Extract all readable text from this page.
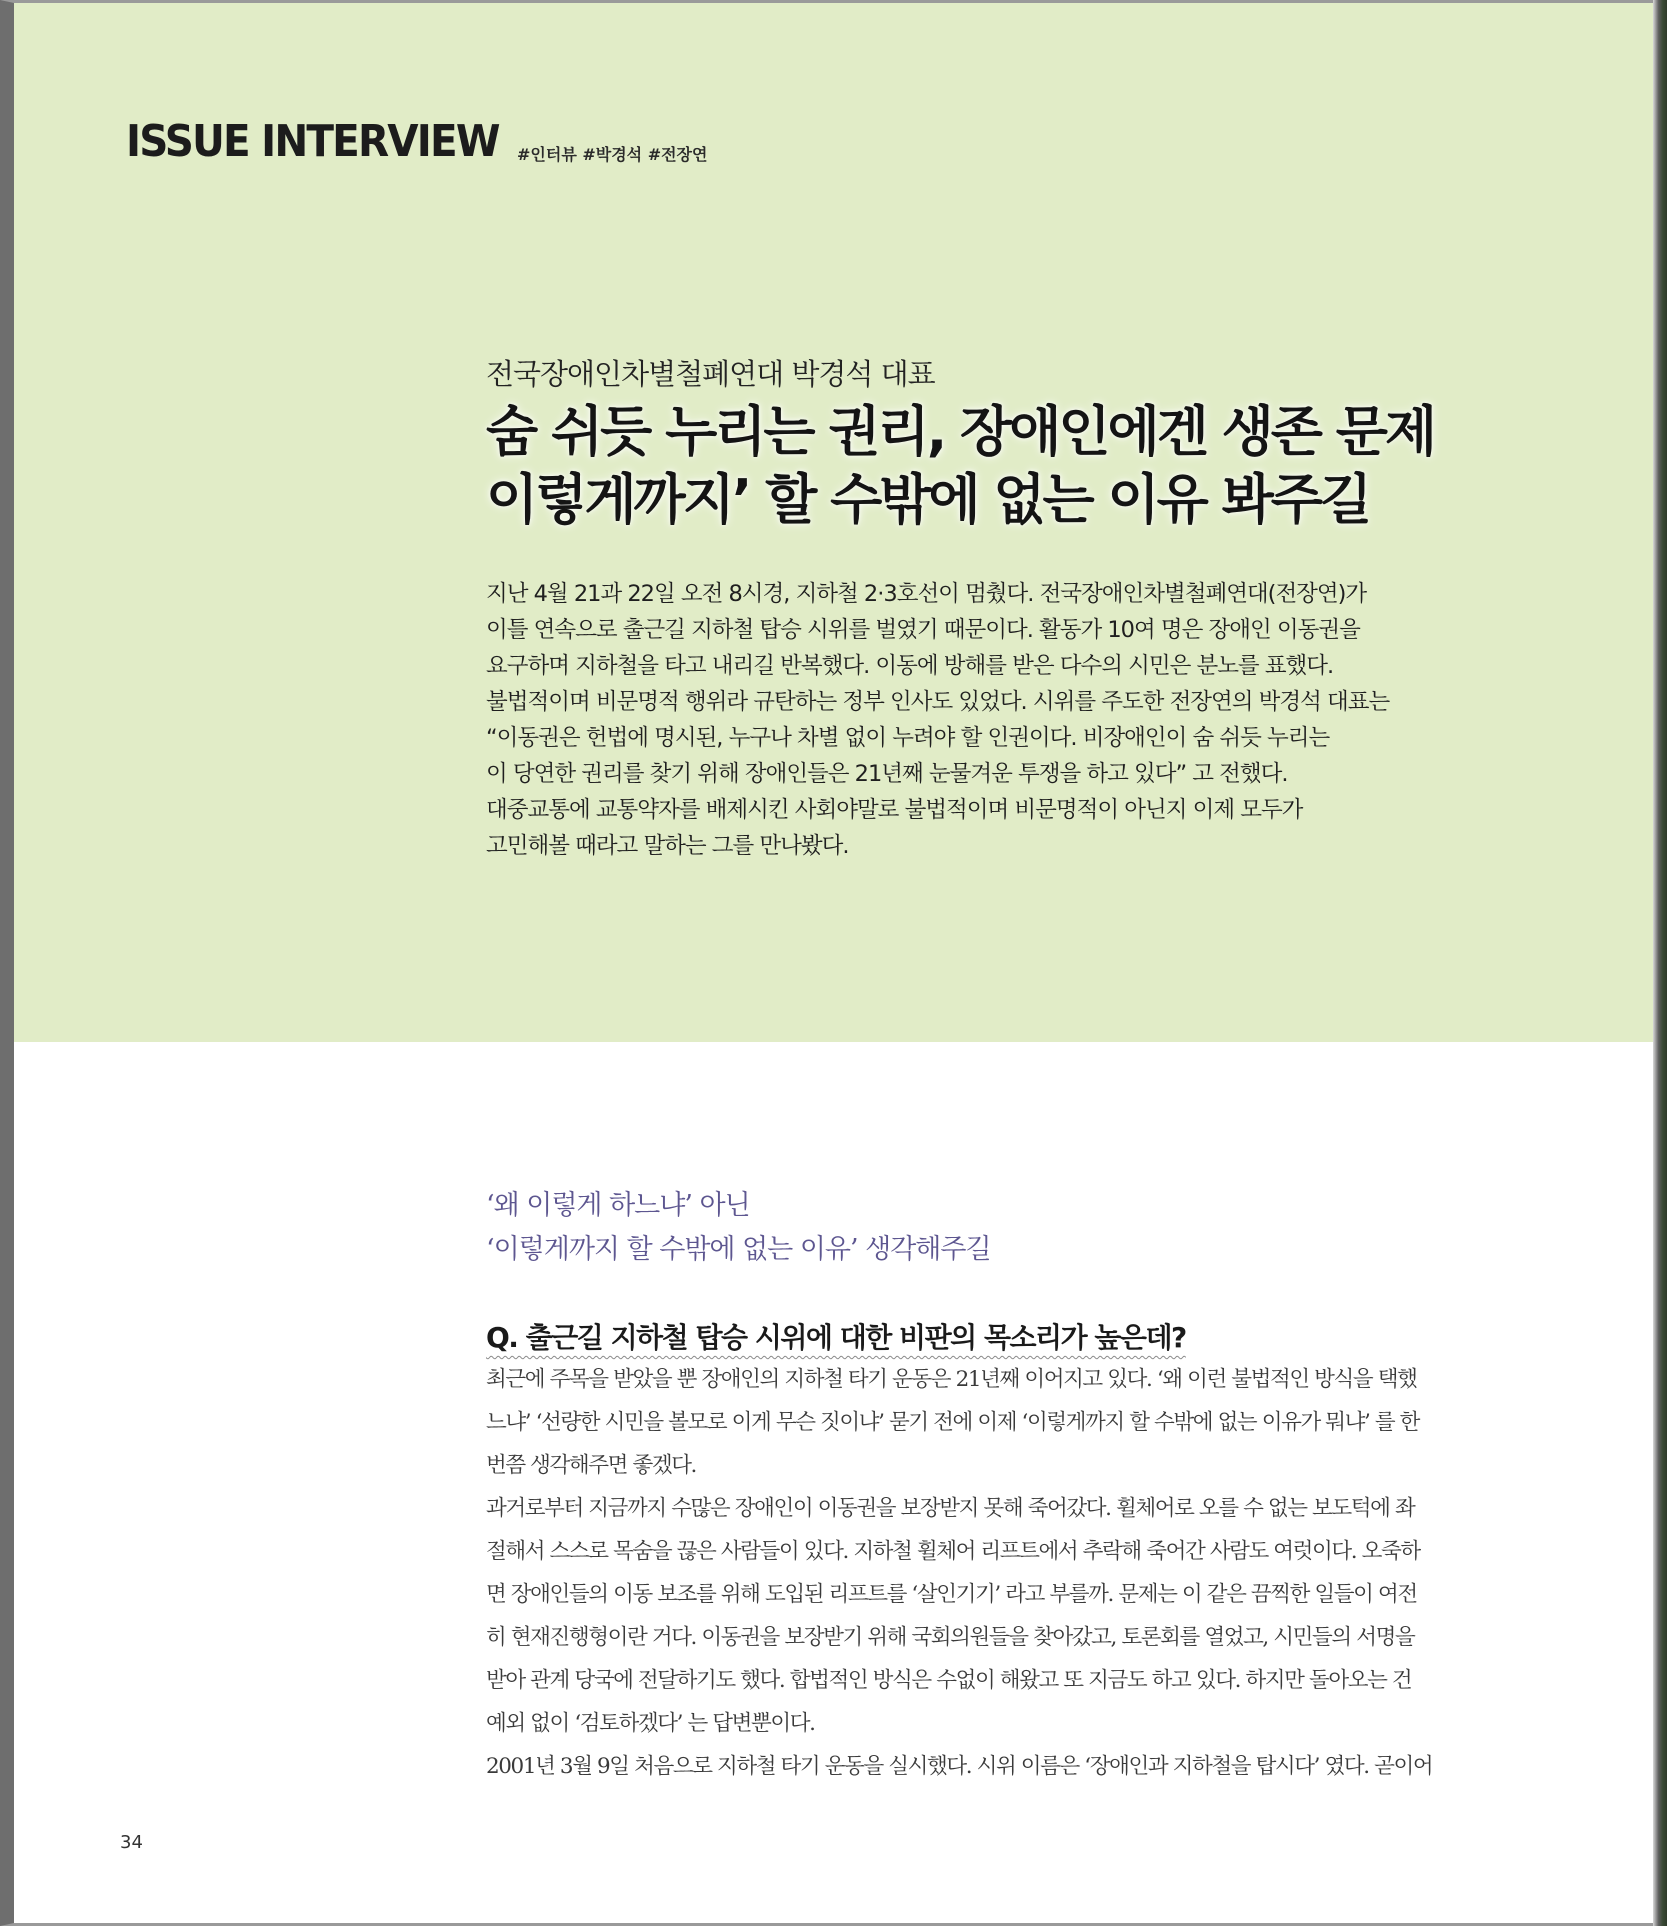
ISSUE INTERVIEW #인터뷰 #박경석 #전장연
전국장애인차별철폐연대 박경석 대표
숨 쉬듯 누리는 권리, 장애인에겐 생존 문제
이렇게까지’ 할 수밖에 없는 이유 봐주길
지난 4월 21과 22일 오전 8시경, 지하철 2·3호선이 멈췄다. 전국장애인차별철폐연대(전장연)가
이틀 연속으로 출근길 지하철 탑승 시위를 벌였기 때문이다. 활동가 10여 명은 장애인 이동권을
요구하며 지하철을 타고 내리길 반복했다. 이동에 방해를 받은 다수의 시민은 분노를 표했다.
불법적이며 비문명적 행위라 규탄하는 정부 인사도 있었다. 시위를 주도한 전장연의 박경석 대표는
“이동권은 헌법에 명시된, 누구나 차별 없이 누려야 할 인권이다. 비장애인이 숨 쉬듯 누리는
이 당연한 권리를 찾기 위해 장애인들은 21년째 눈물겨운 투쟁을 하고 있다” 고 전했다.
대중교통에 교통약자를 배제시킨 사회야말로 불법적이며 비문명적이 아닌지 이제 모두가
고민해볼 때라고 말하는 그를 만나봤다.
‘왜 이렇게 하느냐’ 아닌
‘이렇게까지 할 수밖에 없는 이유’ 생각해주길
Q. 출근길 지하철 탑승 시위에 대한 비판의 목소리가 높은데?
최근에 주목을 받았을 뿐 장애인의 지하철 타기 운동은 21년째 이어지고 있다. ‘왜 이런 불법적인 방식을 택했
느냐’ ‘선량한 시민을 볼모로 이게 무슨 짓이냐’ 묻기 전에 이제 ‘이렇게까지 할 수밖에 없는 이유가 뭐냐’ 를 한
번쯤 생각해주면 좋겠다.
과거로부터 지금까지 수많은 장애인이 이동권을 보장받지 못해 죽어갔다. 휠체어로 오를 수 없는 보도턱에 좌
절해서 스스로 목숨을 끊은 사람들이 있다. 지하철 휠체어 리프트에서 추락해 죽어간 사람도 여럿이다. 오죽하
면 장애인들의 이동 보조를 위해 도입된 리프트를 ‘살인기기’ 라고 부를까. 문제는 이 같은 끔찍한 일들이 여전
히 현재진행형이란 거다. 이동권을 보장받기 위해 국회의원들을 찾아갔고, 토론회를 열었고, 시민들의 서명을
받아 관계 당국에 전달하기도 했다. 합법적인 방식은 수없이 해왔고 또 지금도 하고 있다. 하지만 돌아오는 건
예외 없이 ‘검토하겠다’ 는 답변뿐이다.
2001년 3월 9일 처음으로 지하철 타기 운동을 실시했다. 시위 이름은 ‘장애인과 지하철을 탑시다’ 였다. 곧이어
34
